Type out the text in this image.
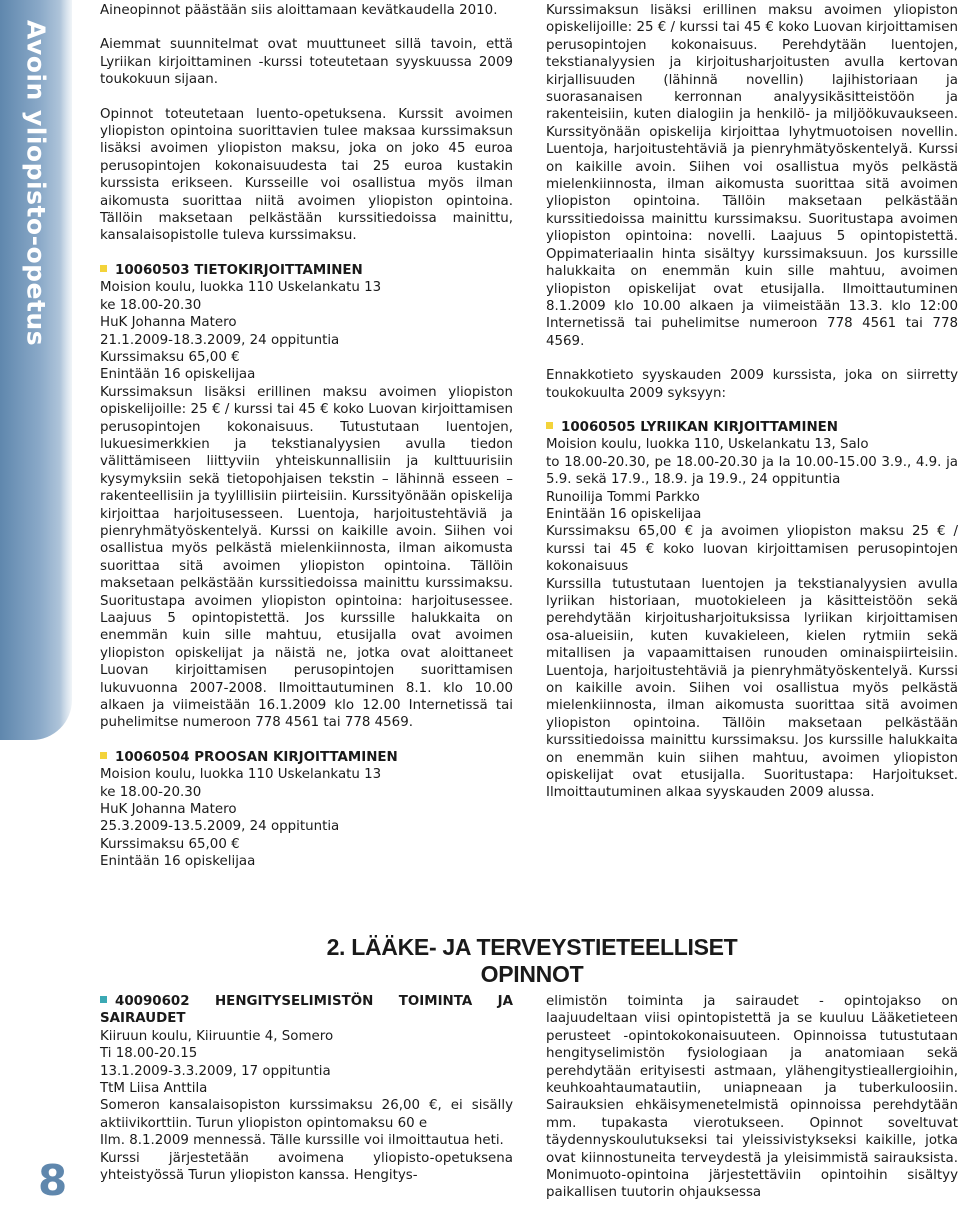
Avoin yliopisto-opetus

Aineopinnot päästään siis aloittamaan kevätkaudella 2010.

Aiemmat suunnitelmat ovat muuttuneet sillä tavoin, että Lyriikan kirjoittaminen -kurssi toteutetaan syyskuussa 2009 toukokuun sijaan.

Opinnot toteutetaan luento-opetuksena. Kurssit avoimen yliopiston opintoina suorittavien tulee maksaa kurssimaksun lisäksi avoimen yliopiston maksu, joka on joko 45 euroa perusopintojen kokonaisuudesta tai 25 euroa kustakin kurssista erikseen. Kursseille voi osallistua myös ilman aikomusta suorittaa niitä avoimen yliopiston opintoina. Tällöin maksetaan pelkästään kurssitiedoissa mainittu, kansalaisopistolle tuleva kurssimaksu.

10060503 TIETOKIRJOITTAMINEN
Moision koulu, luokka 110 Uskelankatu 13
ke 18.00-20.30
HuK Johanna Matero
21.1.2009-18.3.2009, 24 oppituntia
Kurssimaksu 65,00 €
Enintään 16 opiskelijaa
Kurssimaksun lisäksi erillinen maksu avoimen yliopiston opiskelijoille: 25 € / kurssi tai 45 € koko Luovan kirjoittamisen perusopintojen kokonaisuus. Tutustutaan luentojen, lukuesimerkkien ja tekstianalyysien avulla tiedon välittämiseen liittyviin yhteiskunnallisiin ja kulttuurisiin kysymyksiin sekä tietopohjaisen tekstin – lähinnä esseen – rakenteellisiin ja tyylillisiin piirteisiin. Kurssityönään opiskelija kirjoittaa harjoitusesseen. Luentoja, harjoitustehtäviä ja pienryhmätyöskentelyä. Kurssi on kaikille avoin. Siihen voi osallistua myös pelkästä mielenkiinnosta, ilman aikomusta suorittaa sitä avoimen yliopiston opintoina. Tällöin maksetaan pelkästään kurssitiedoissa mainittu kurssimaksu. Suoritustapa avoimen yliopiston opintoina: harjoitusessee. Laajuus 5 opintopistettä. Jos kurssille halukkaita on enemmän kuin sille mahtuu, etusijalla ovat avoimen yliopiston opiskelijat ja näistä ne, jotka ovat aloittaneet Luovan kirjoittamisen perusopintojen suorittamisen lukuvuonna 2007-2008. Ilmoittautuminen 8.1. klo 10.00 alkaen ja viimeistään 16.1.2009 klo 12.00 Internetissä tai puhelimitse numeroon 778 4561 tai 778 4569.
10060504 PROOSAN KIRJOITTAMINEN
Moision koulu, luokka 110 Uskelankatu 13
ke 18.00-20.30
HuK Johanna Matero
25.3.2009-13.5.2009, 24 oppituntia
Kurssimaksu 65,00 €
Enintään 16 opiskelijaa

Kurssimaksun lisäksi erillinen maksu avoimen yliopiston opiskelijoille: 25 € / kurssi tai 45 € koko Luovan kirjoittamisen perusopintojen kokonaisuus. Perehdytään luentojen, tekstianalyysien ja kirjoitusharjoitusten avulla kertovan kirjallisuuden (lähinnä novellin) lajihistoriaan ja suorasanaisen kerronnan analyysikäsitteistöön ja rakenteisiin, kuten dialogiin ja henkilö- ja miljöökuvaukseen. Kurssityönään opiskelija kirjoittaa lyhytmuotoisen novellin. Luentoja, harjoitustehtäviä ja pienryhmätyöskentelyä. Kurssi on kaikille avoin. Siihen voi osallistua myös pelkästä mielenkiinnosta, ilman aikomusta suorittaa sitä avoimen yliopiston opintoina. Tällöin maksetaan pelkästään kurssitiedoissa mainittu kurssimaksu. Suoritustapa avoimen yliopiston opintoina: novelli. Laajuus 5 opintopistettä. Oppimateriaalin hinta sisältyy kurssimaksuun. Jos kurssille halukkaita on enemmän kuin sille mahtuu, avoimen yliopiston opiskelijat ovat etusijalla. Ilmoittautuminen 8.1.2009 klo 10.00 alkaen ja viimeistään 13.3. klo 12:00 Internetissä tai puhelimitse numeroon 778 4561 tai 778 4569.

Ennakkotieto syyskauden 2009 kurssista, joka on siirretty toukokuulta 2009 syksyyn:

10060505 LYRIIKAN KIRJOITTAMINEN
Moision koulu, luokka 110, Uskelankatu 13, Salo
to 18.00-20.30, pe 18.00-20.30 ja la 10.00-15.00 3.9., 4.9. ja 5.9. sekä 17.9., 18.9. ja 19.9., 24 oppituntia
Runoilija Tommi Parkko
Enintään 16 opiskelijaa
Kurssimaksu 65,00 € ja avoimen yliopiston maksu 25 € / kurssi tai 45 € koko luovan kirjoittamisen perusopintojen kokonaisuus
Kurssilla tutustutaan luentojen ja tekstianalyysien avulla lyriikan historiaan, muotokieleen ja käsitteistöön sekä perehdytään kirjoitusharjoituksissa lyriikan kirjoittamisen osa-alueisiin, kuten kuvakieleen, kielen rytmiin sekä mitallisen ja vapaamittaisen runouden ominaispiirteisiin. Luentoja, harjoitustehtäviä ja pienryhmätyöskentelyä. Kurssi on kaikille avoin. Siihen voi osallistua myös pelkästä mielenkiinnosta, ilman aikomusta suorittaa sitä avoimen yliopiston opintoina. Tällöin maksetaan pelkästään kurssitiedoissa mainittu kurssimaksu. Jos kurssille halukkaita on enemmän kuin siihen mahtuu, avoimen yliopiston opiskelijat ovat etusijalla. Suoritustapa: Harjoitukset. Ilmoittautuminen alkaa syyskauden 2009 alussa.
2. LÄÄKE- JA TERVEYSTIETEELLISET OPINNOT
40090602 HENGITYSELIMISTÖN TOIMINTA JA SAIRAUDET
Kiiruun koulu, Kiiruuntie 4, Somero
Ti 18.00-20.15
13.1.2009-3.3.2009, 17 oppituntia
TtM Liisa Anttila
Someron kansalaisopiston kurssimaksu 26,00 €, ei sisälly aktiivikorttiin. Turun yliopiston opintomaksu 60 e
Ilm. 8.1.2009 mennessä. Tälle kurssille voi ilmoittautua heti.
Kurssi järjestetään avoimena yliopisto-opetuksena yhteistyössä Turun yliopiston kanssa. Hengitys-
elimistön toiminta ja sairaudet - opintojakso on laajuudeltaan viisi opintopistettä ja se kuuluu Lääketieteen perusteet -opintokokonaisuuteen. Opinnoissa tutustutaan hengityselimistön fysiologiaan ja anatomiaan sekä perehdytään erityisesti astmaan, ylähengitystieallergioihin, keuhkoahtaumatautiin, uniapneaan ja tuberkuloosiin. Sairauksien ehkäisymenetelmistä opinnoissa perehdytään mm. tupakasta vierotukseen. Opinnot soveltuvat täydennyskoulutukseksi tai yleissivistykseksi kaikille, jotka ovat kiinnostuneita terveydestä ja yleisimmistä sairauksista. Monimuoto-opintoina järjestettäviin opintoihin sisältyy paikallisen tuutorin ohjauksessa
8
